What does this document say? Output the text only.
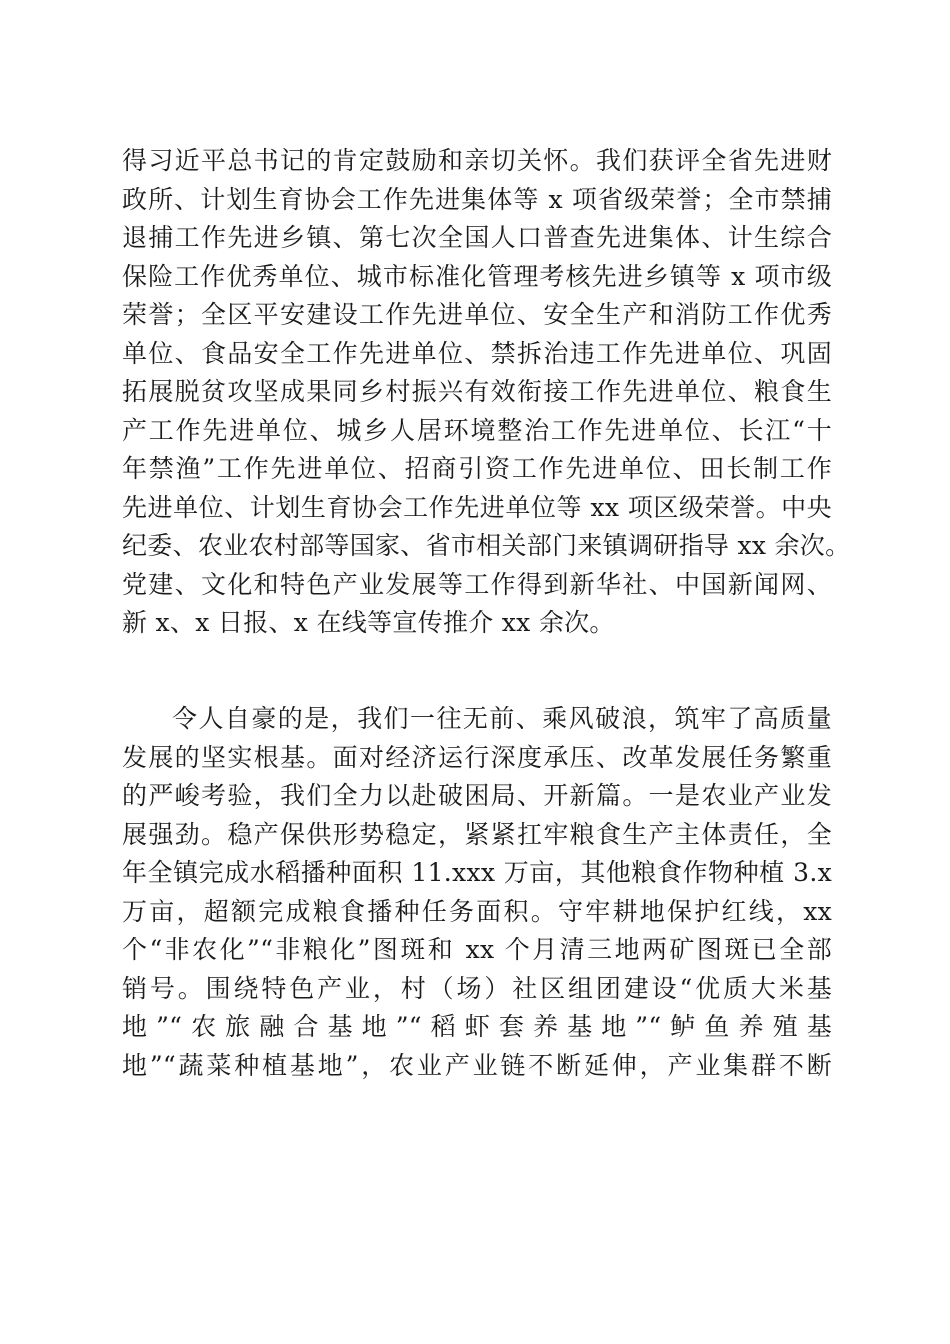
得习近平总书记的肯定鼓励和亲切关怀。我们获评全省先进财
政所、计划生育协会工作先进集体等 x 项省级荣誉；全市禁捕
退捕工作先进乡镇、第七次全国人口普查先进集体、计生综合
保险工作优秀单位、城市标准化管理考核先进乡镇等 x 项市级
荣誉；全区平安建设工作先进单位、安全生产和消防工作优秀
单位、食品安全工作先进单位、禁拆治违工作先进单位、巩固
拓展脱贫攻坚成果同乡村振兴有效衔接工作先进单位、粮食生
产工作先进单位、城乡人居环境整治工作先进单位、长江“十
年禁渔”工作先进单位、招商引资工作先进单位、田长制工作
先进单位、计划生育协会工作先进单位等 xx 项区级荣誉。中央
纪委、农业农村部等国家、省市相关部门来镇调研指导 xx 余次。
党建、文化和特色产业发展等工作得到新华社、中国新闻网、
新 x、x 日报、x 在线等宣传推介 xx 余次。
令人自豪的是，我们一往无前、乘风破浪，筑牢了高质量
发展的坚实根基。面对经济运行深度承压、改革发展任务繁重
的严峻考验，我们全力以赴破困局、开新篇。一是农业产业发
展强劲。稳产保供形势稳定，紧紧扛牢粮食生产主体责任，全
年全镇完成水稻播种面积 11.xxx 万亩，其他粮食作物种植 3.x
万亩，超额完成粮食播种任务面积。守牢耕地保护红线，xx
个“非农化”“非粮化”图斑和 xx 个月清三地两矿图斑已全部
销号。围绕特色产业，村（场）社区组团建设“优质大米基
地”“农旅融合基地”“稻虾套养基地”“鲈鱼养殖基
地”“蔬菜种植基地”，农业产业链不断延伸，产业集群不断
